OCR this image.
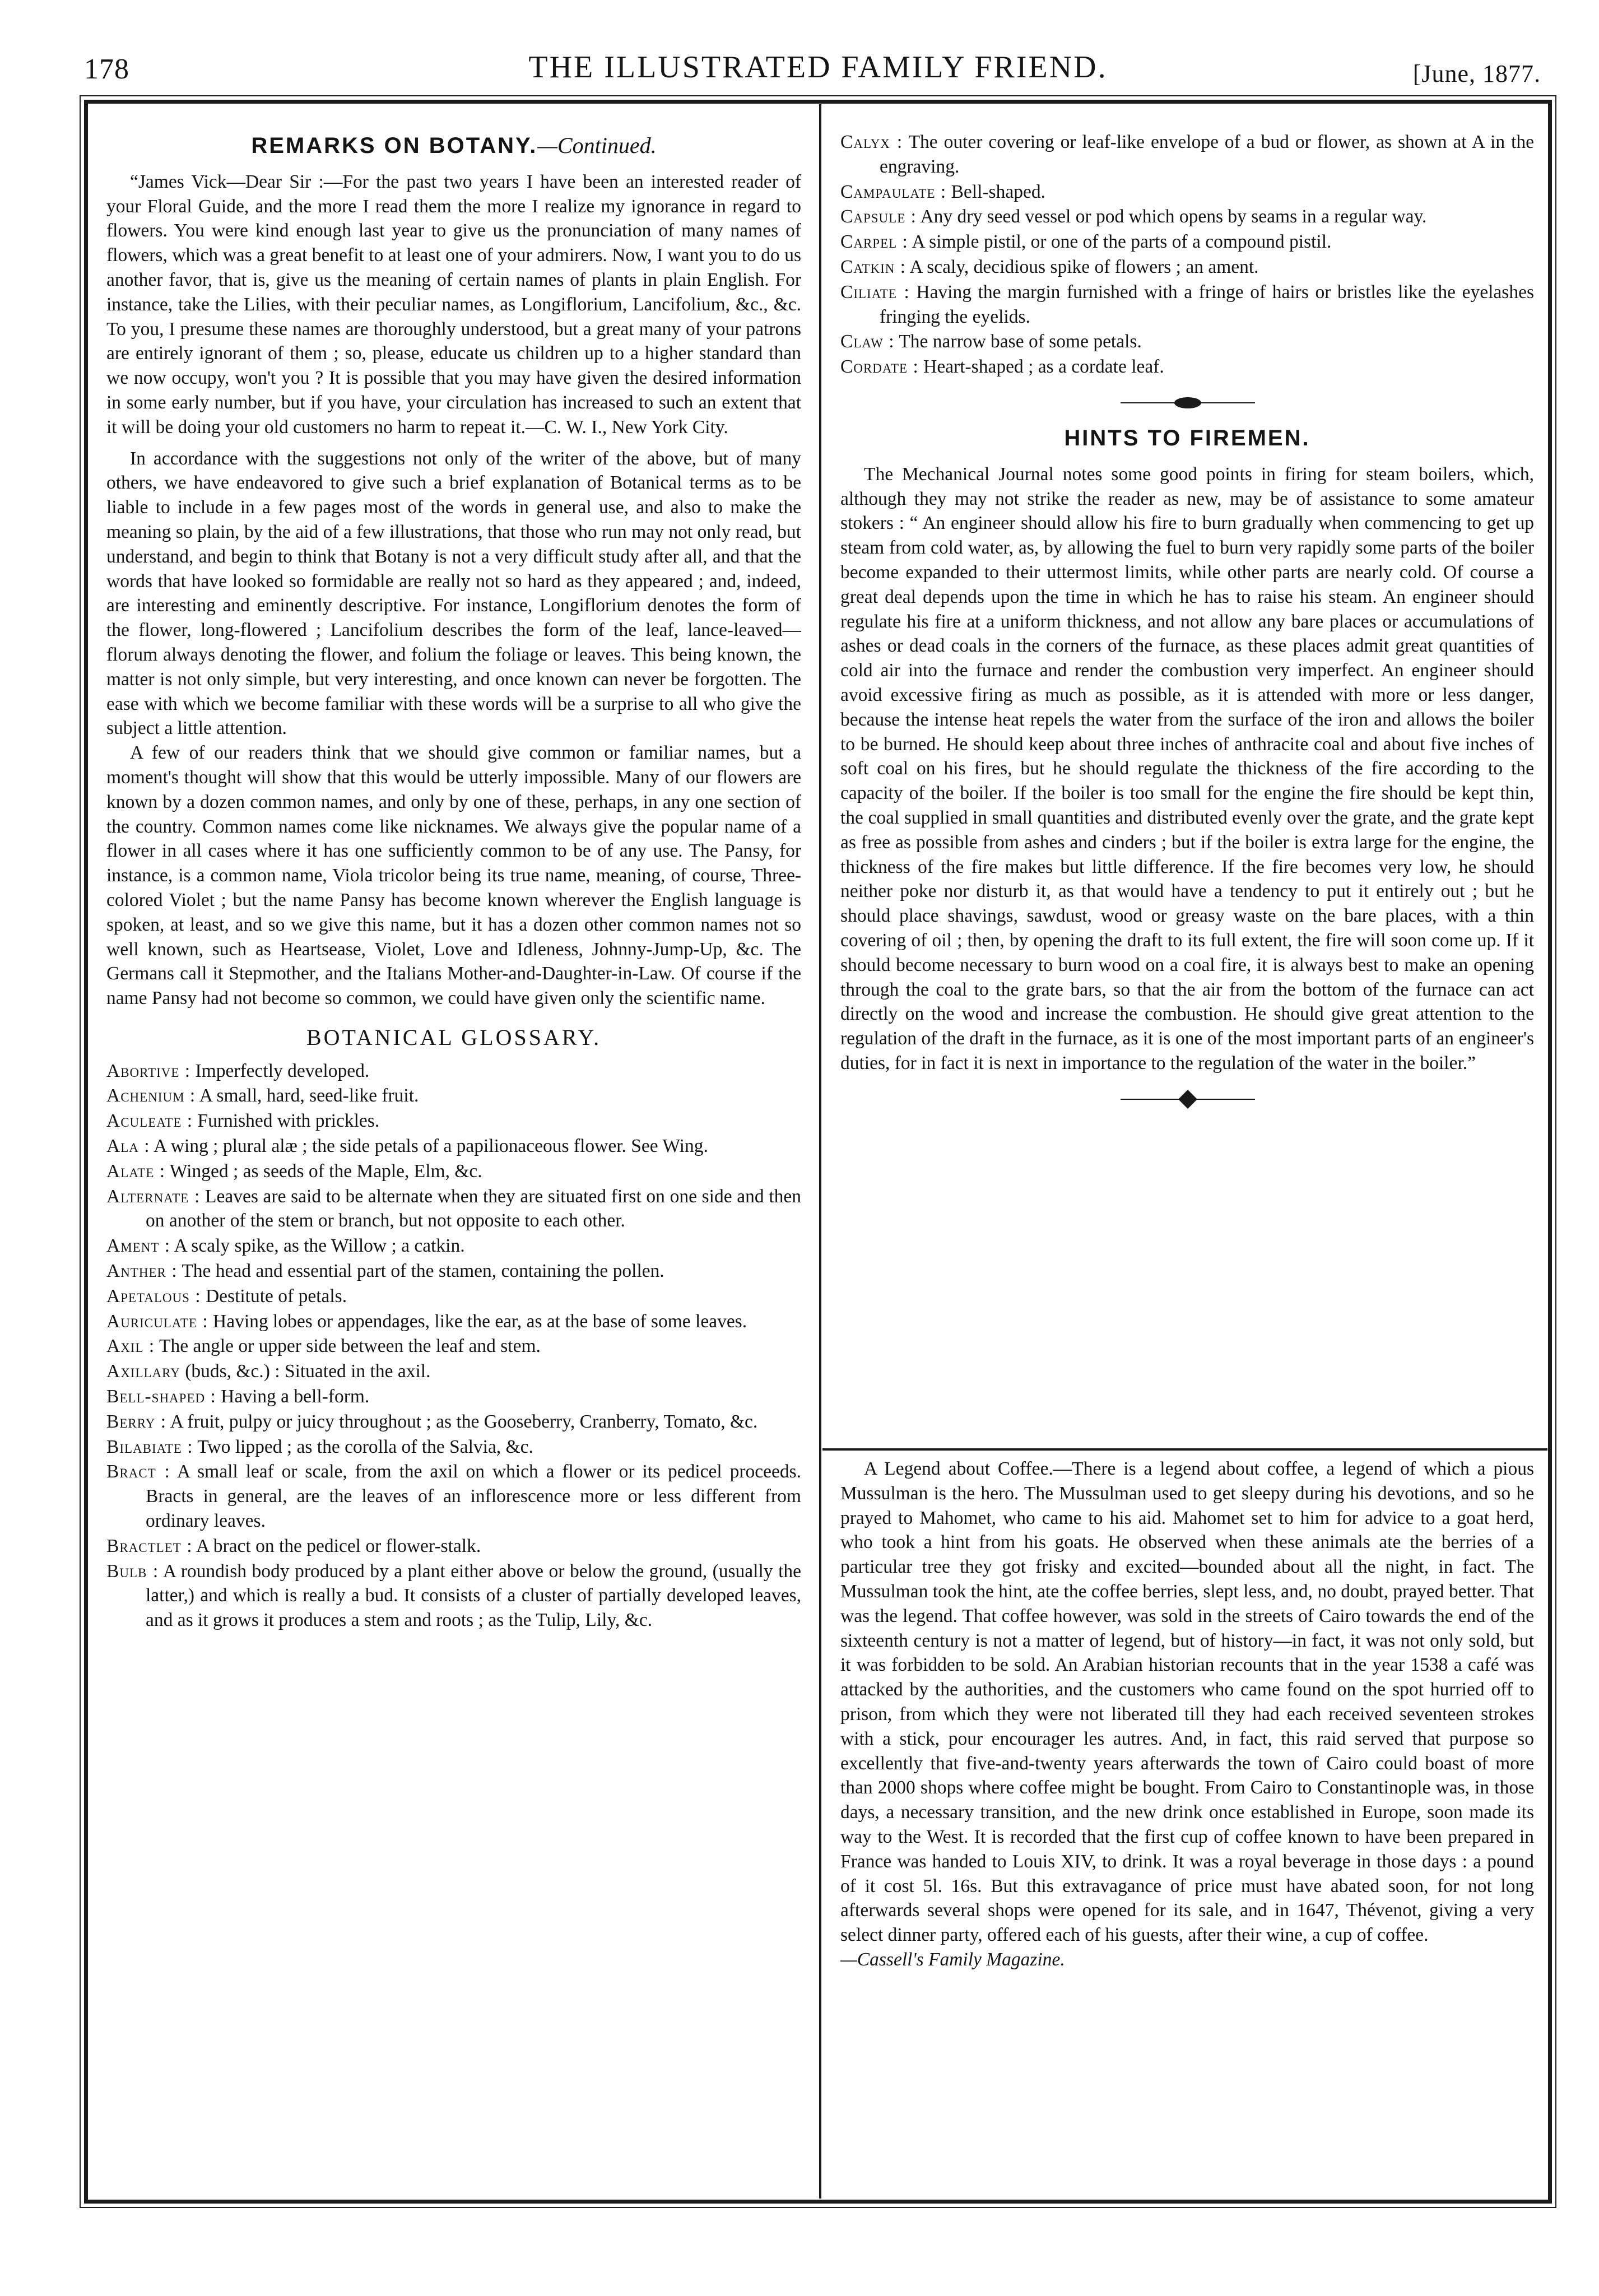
178	THE ILLUSTRATED FAMILY FRIEND.	[June, 1877.
REMARKS ON BOTANY.—Continued.

“James Vick—Dear Sir :—For the past two years I have been an interested reader of your Floral Guide, and the more I read them the more I realize my ignorance in regard to flowers. You were kind enough last year to give us the pronunciation of many names of flowers, which was a great benefit to at least one of your admirers. Now, I want you to do us another favor, that is, give us the meaning of certain names of plants in plain English. For instance, take the Lilies, with their peculiar names, as Longiflorium, Lancifolium, &c., &c. To you, I presume these names are thoroughly understood, but a great many of your patrons are entirely ignorant of them ; so, please, educate us children up to a higher standard than we now occupy, won't you ? It is possible that you may have given the desired information in some early number, but if you have, your circulation has increased to such an extent that it will be doing your old customers no harm to repeat it.—C. W. I., New York City.

In accordance with the suggestions not only of the writer of the above, but of many others, we have endeavored to give such a brief explanation of Botanical terms as to be liable to include in a few pages most of the words in general use, and also to make the meaning so plain, by the aid of a few illustrations, that those who run may not only read, but understand, and begin to think that Botany is not a very difficult study after all, and that the words that have looked so formidable are really not so hard as they appeared ; and, indeed, are interesting and eminently descriptive. For instance, Longiflorium denotes the form of the flower, long-flowered ; Lancifolium describes the form of the leaf, lance-leaved—florum always denoting the flower, and folium the foliage or leaves. This being known, the matter is not only simple, but very interesting, and once known can never be forgotten. The ease with which we become familiar with these words will be a surprise to all who give the subject a little attention.

A few of our readers think that we should give common or familiar names, but a moment's thought will show that this would be utterly impossible. Many of our flowers are known by a dozen common names, and only by one of these, perhaps, in any one section of the country. Common names come like nicknames. We always give the popular name of a flower in all cases where it has one sufficiently common to be of any use. The Pansy, for instance, is a common name, Viola tricolor being its true name, meaning, of course, Three-colored Violet ; but the name Pansy has become known wherever the English language is spoken, at least, and so we give this name, but it has a dozen other common names not so well known, such as Heartsease, Violet, Love and Idleness, Johnny-Jump-Up, &c. The Germans call it Stepmother, and the Italians Mother-and-Daughter-in-Law. Of course if the name Pansy had not become so common, we could have given only the scientific name.

BOTANICAL GLOSSARY.
Abortive : Imperfectly developed.
Achenium : A small, hard, seed-like fruit.
Aculeate : Furnished with prickles.
Ala : A wing ; plural alæ ; the side petals of a papilionaceous flower. See Wing.
Alate : Winged ; as seeds of the Maple, Elm, &c.
Alternate : Leaves are said to be alternate when they are situated first on one side and then on another of the stem or branch, but not opposite to each other.
Ament : A scaly spike, as the Willow ; a catkin.
Anther : The head and essential part of the stamen, containing the pollen.
Apetalous : Destitute of petals.
Auriculate : Having lobes or appendages, like the ear, as at the base of some leaves.
Axil : The angle or upper side between the leaf and stem.
Axillary (buds, &c.) : Situated in the axil.
Bell-shaped : Having a bell-form.
Berry : A fruit, pulpy or juicy throughout ; as the Gooseberry, Cranberry, Tomato, &c.
Bilabiate : Two lipped ; as the corolla of the Salvia, &c.
Bract : A small leaf or scale, from the axil on which a flower or its pedicel proceeds. Bracts in general, are the leaves of an inflorescence more or less different from ordinary leaves.
Bractlet : A bract on the pedicel or flower-stalk.
Bulb : A roundish body produced by a plant either above or below the ground, (usually the latter,) and which is really a bud. It consists of a cluster of partially developed leaves, and as it grows it produces a stem and roots ; as the Tulip, Lily, &c.
Calyx : The outer covering or leaf-like envelope of a bud or flower, as shown at A in the engraving.
Campaulate : Bell-shaped.
Capsule : Any dry seed vessel or pod which opens by seams in a regular way.
Carpel : A simple pistil, or one of the parts of a compound pistil.
Catkin : A scaly, decidious spike of flowers ; an ament.
Ciliate : Having the margin furnished with a fringe of hairs or bristles like the eyelashes fringing the eyelids.
Claw : The narrow base of some petals.
Cordate : Heart-shaped ; as a cordate leaf.
HINTS TO FIREMEN.

The Mechanical Journal notes some good points in firing for steam boilers, which, although they may not strike the reader as new, may be of assistance to some amateur stokers : “ An engineer should allow his fire to burn gradually when commencing to get up steam from cold water, as, by allowing the fuel to burn very rapidly some parts of the boiler become expanded to their uttermost limits, while other parts are nearly cold. Of course a great deal depends upon the time in which he has to raise his steam. An engineer should regulate his fire at a uniform thickness, and not allow any bare places or accumulations of ashes or dead coals in the corners of the furnace, as these places admit great quantities of cold air into the furnace and render the combustion very imperfect. An engineer should avoid excessive firing as much as possible, as it is attended with more or less danger, because the intense heat repels the water from the surface of the iron and allows the boiler to be burned. He should keep about three inches of anthracite coal and about five inches of soft coal on his fires, but he should regulate the thickness of the fire according to the capacity of the boiler. If the boiler is too small for the engine the fire should be kept thin, the coal supplied in small quantities and distributed evenly over the grate, and the grate kept as free as possible from ashes and cinders ; but if the boiler is extra large for the engine, the thickness of the fire makes but little difference. If the fire becomes very low, he should neither poke nor disturb it, as that would have a tendency to put it entirely out ; but he should place shavings, sawdust, wood or greasy waste on the bare places, with a thin covering of oil ; then, by opening the draft to its full extent, the fire will soon come up. If it should become necessary to burn wood on a coal fire, it is always best to make an opening through the coal to the grate bars, so that the air from the bottom of the furnace can act directly on the wood and increase the combustion. He should give great attention to the regulation of the draft in the furnace, as it is one of the most important parts of an engineer's duties, for in fact it is next in importance to the regulation of the water in the boiler.”

A Legend about Coffee.—There is a legend about coffee, a legend of which a pious Mussulman is the hero. The Mussulman used to get sleepy during his devotions, and so he prayed to Mahomet, who came to his aid. Mahomet set to him for advice to a goat herd, who took a hint from his goats. He observed when these animals ate the berries of a particular tree they got frisky and excited—bounded about all the night, in fact. The Mussulman took the hint, ate the coffee berries, slept less, and, no doubt, prayed better. That was the legend. That coffee however, was sold in the streets of Cairo towards the end of the sixteenth century is not a matter of legend, but of history—in fact, it was not only sold, but it was forbidden to be sold. An Arabian historian recounts that in the year 1538 a café was attacked by the authorities, and the customers who came found on the spot hurried off to prison, from which they were not liberated till they had each received seventeen strokes with a stick, pour encourager les autres. And, in fact, this raid served that purpose so excellently that five-and-twenty years afterwards the town of Cairo could boast of more than 2000 shops where coffee might be bought. From Cairo to Constantinople was, in those days, a necessary transition, and the new drink once established in Europe, soon made its way to the West. It is recorded that the first cup of coffee known to have been prepared in France was handed to Louis XIV, to drink. It was a royal beverage in those days : a pound of it cost 5l. 16s. But this extravagance of price must have abated soon, for not long afterwards several shops were opened for its sale, and in 1647, Thévenot, giving a very select dinner party, offered each of his guests, after their wine, a cup of coffee.

—Cassell's Family Magazine.
